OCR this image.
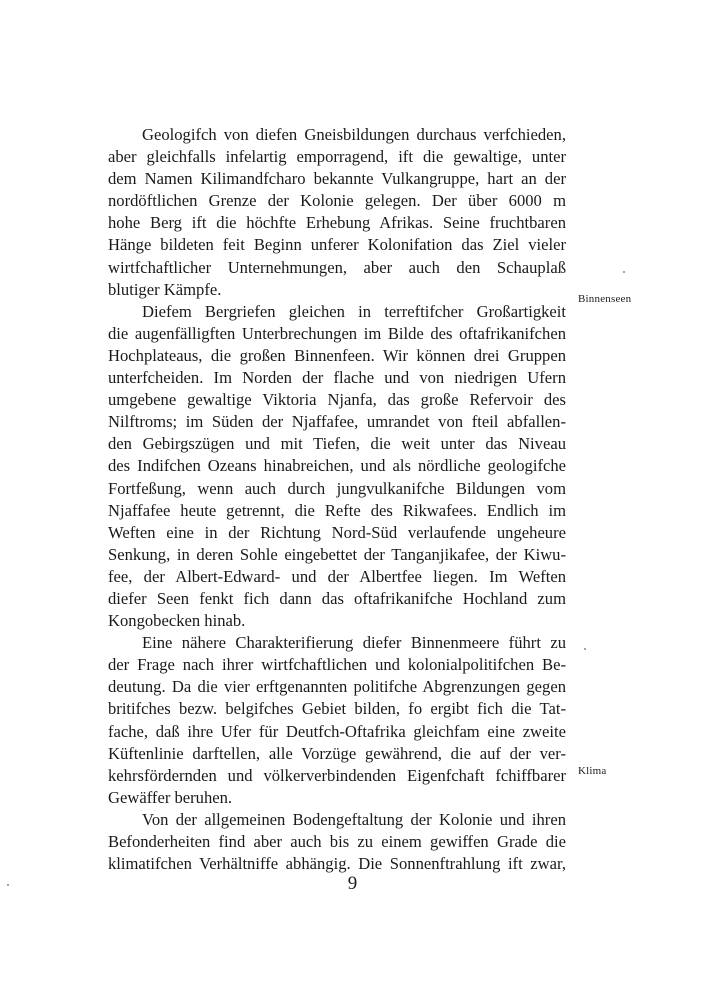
Geologifch von diefen Gneisbildungen durchaus verfchieden,
aber gleichfalls infelartig emporragend, ift die gewaltige, unter
dem Namen Kilimandfcharo bekannte Vulkangruppe, hart an der
nordöftlichen Grenze der Kolonie gelegen. Der über 6000 m
hohe Berg ift die höchfte Erhebung Afrikas. Seine fruchtbaren
Hänge bildeten feit Beginn unferer Kolonifation das Ziel vieler
wirtfchaftlicher Unternehmungen, aber auch den Schauplaß
blutiger Kämpfe.
Diefem Bergriefen gleichen in terreftifcher Großartigkeit
die augenfälligften Unterbrechungen im Bilde des oftafrikanifchen
Hochplateaus, die großen Binnenfeen. Wir können drei Gruppen
unterfcheiden. Im Norden der flache und von niedrigen Ufern
umgebene gewaltige Viktoria Njanfa, das große Refervoir des
Nilftroms; im Süden der Njaffafee, umrandet von fteil abfallen-
den Gebirgszügen und mit Tiefen, die weit unter das Niveau
des Indifchen Ozeans hinabreichen, und als nördliche geologifche
Fortfeßung, wenn auch durch jungvulkanifche Bildungen vom
Njaffafee heute getrennt, die Refte des Rikwafees. Endlich im
Weften eine in der Richtung Nord-Süd verlaufende ungeheure
Senkung, in deren Sohle eingebettet der Tanganjikafee, der Kiwu-
fee, der Albert-Edward- und der Albertfee liegen. Im Weften
diefer Seen fenkt fich dann das oftafrikanifche Hochland zum
Kongobecken hinab.
Eine nähere Charakterifierung diefer Binnenmeere führt zu
der Frage nach ihrer wirtfchaftlichen und kolonialpolitifchen Be-
deutung. Da die vier erftgenannten politifche Abgrenzungen gegen
britifches bezw. belgifches Gebiet bilden, fo ergibt fich die Tat-
fache, daß ihre Ufer für Deutfch-Oftafrika gleichfam eine zweite
Küftenlinie darftellen, alle Vorzüge gewährend, die auf der ver-
kehrsfördernden und völkerverbindenden Eigenfchaft fchiffbarer
Gewäffer beruhen.
Von der allgemeinen Bodengeftaltung der Kolonie und ihren
Befonderheiten find aber auch bis zu einem gewiffen Grade die
klimatifchen Verhältniffe abhängig. Die Sonnenftrahlung ift zwar,
Binnenseen
Klima
9
